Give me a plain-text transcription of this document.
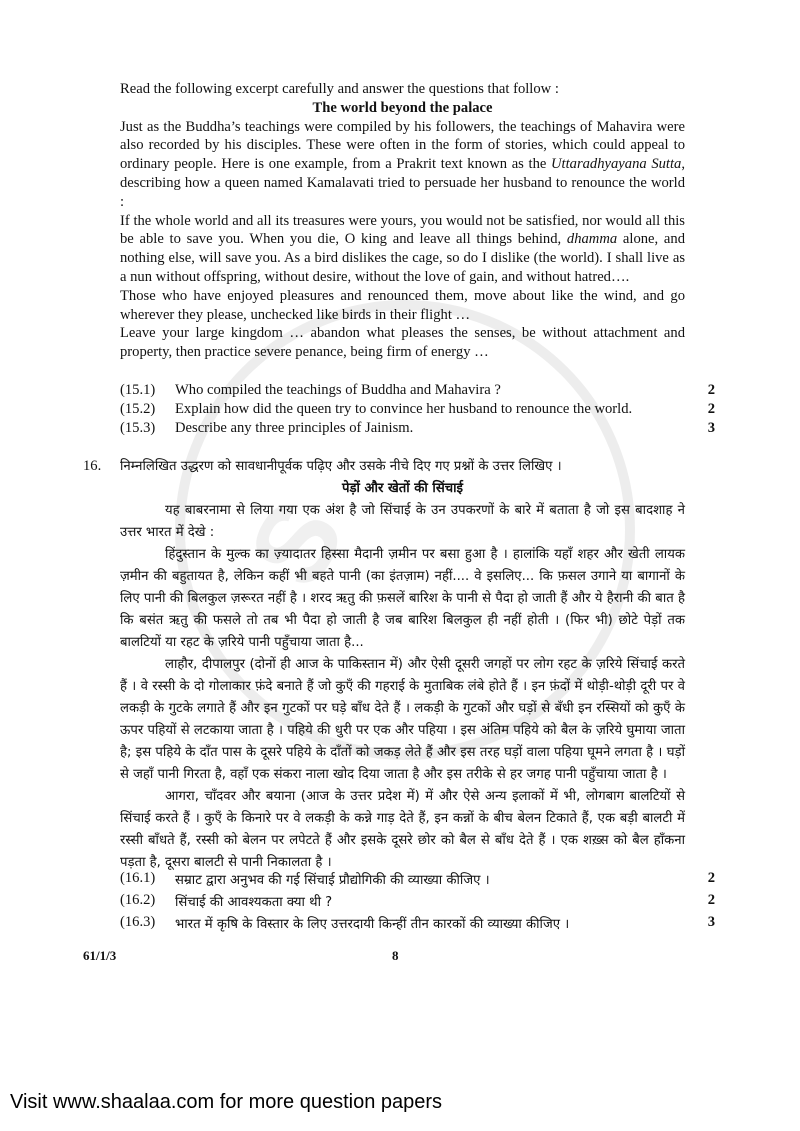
S

Read the following excerpt carefully and answer the questions that follow :

The world beyond the palace

Just as the Buddha’s teachings were compiled by his followers, the teachings of Mahavira were also recorded by his disciples. These were often in the form of stories, which could appeal to ordinary people. Here is one example, from a Prakrit text known as the Uttaradhyayana Sutta, describing how a queen named Kamalavati tried to persuade her husband to renounce the world :

If the whole world and all its treasures were yours, you would not be satisfied, nor would all this be able to save you. When you die, O king and leave all things behind, dhamma alone, and nothing else, will save you. As a bird dislikes the cage, so do I dislike (the world). I shall live as a nun without offspring, without desire, without the love of gain, and without hatred….

Those who have enjoyed pleasures and renounced them, move about like the wind, and go wherever they please, unchecked like birds in their flight …

Leave your large kingdom … abandon what pleases the senses, be without attachment and property, then practice severe penance, being firm of energy …

(15.1)	Who compiled the teachings of Buddha and Mahavira ?	2
(15.2)	Explain how did the queen try to convince her husband to renounce the world.	2
(15.3)	Describe any three principles of Jainism.	3
16. निम्नलिखित उद्धरण को सावधानीपूर्वक पढ़िए और उसके नीचे दिए गए प्रश्नों के उत्तर लिखिए ।

पेड़ों और खेतों की सिंचाई

यह बाबरनामा से लिया गया एक अंश है जो सिंचाई के उन उपकरणों के बारे में बताता है जो इस बादशाह ने उत्तर भारत में देखे :

हिंदुस्तान के मुल्क का ज़्यादातर हिस्सा मैदानी ज़मीन पर बसा हुआ है । हालांकि यहाँ शहर और खेती लायक ज़मीन की बहुतायत है, लेकिन कहीं भी बहते पानी (का इंतज़ाम) नहीं.... वे इसलिए... कि फ़सल उगाने या बागानों के लिए पानी की बिलकुल ज़रूरत नहीं है । शरद ऋतु की फ़सलें बारिश के पानी से पैदा हो जाती हैं और ये हैरानी की बात है कि बसंत ऋतु की फसले तो तब भी पैदा हो जाती है जब बारिश बिलकुल ही नहीं होती । (फिर भी) छोटे पेड़ों तक बालटियों या रहट के ज़रिये पानी पहुँचाया जाता है...

लाहौर, दीपालपुर (दोनों ही आज के पाकिस्तान में) और ऐसी दूसरी जगहों पर लोग रहट के ज़रिये सिंचाई करते हैं । वे रस्सी के दो गोलाकार फ़ंदे बनाते हैं जो कुएँ की गहराई के मुताबिक लंबे होते हैं । इन फ़ंदों में थोड़ी-थोड़ी दूरी पर वे लकड़ी के गुटके लगाते हैं और इन गुटकों पर घड़े बाँध देते हैं । लकड़ी के गुटकों और घड़ों से बँधी इन रस्सियों को कुएँ के ऊपर पहियों से लटकाया जाता है । पहिये की धुरी पर एक और पहिया । इस अंतिम पहिये को बैल के ज़रिये घुमाया जाता है; इस पहिये के दाँत पास के दूसरे पहिये के दाँतों को जकड़ लेते हैं और इस तरह घड़ों वाला पहिया घूमने लगता है । घड़ों से जहाँ पानी गिरता है, वहाँ एक संकरा नाला खोद दिया जाता है और इस तरीके से हर जगह पानी पहुँचाया जाता है ।

आगरा, चाँदवर और बयाना (आज के उत्तर प्रदेश में) में और ऐसे अन्य इलाकों में भी, लोगबाग बालटियों से सिंचाई करते हैं । कुएँ के किनारे पर वे लकड़ी के कन्ने गाड़ देते हैं, इन कन्नों के बीच बेलन टिकाते हैं, एक बड़ी बालटी में रस्सी बाँधते हैं, रस्सी को बेलन पर लपेटते हैं और इसके दूसरे छोर को बैल से बाँध देते हैं । एक शख़्स को बैल हाँकना पड़ता है, दूसरा बालटी से पानी निकालता है ।

(16.1)	सम्राट द्वारा अनुभव की गई सिंचाई प्रौद्योगिकी की व्याख्या कीजिए ।	2
(16.2)	सिंचाई की आवश्यकता क्या थी ?	2
(16.3)	भारत में कृषि के विस्तार के लिए उत्तरदायी किन्हीं तीन कारकों की व्याख्या कीजिए ।	3
61/1/3	8
Visit www.shaalaa.com for more question papers
